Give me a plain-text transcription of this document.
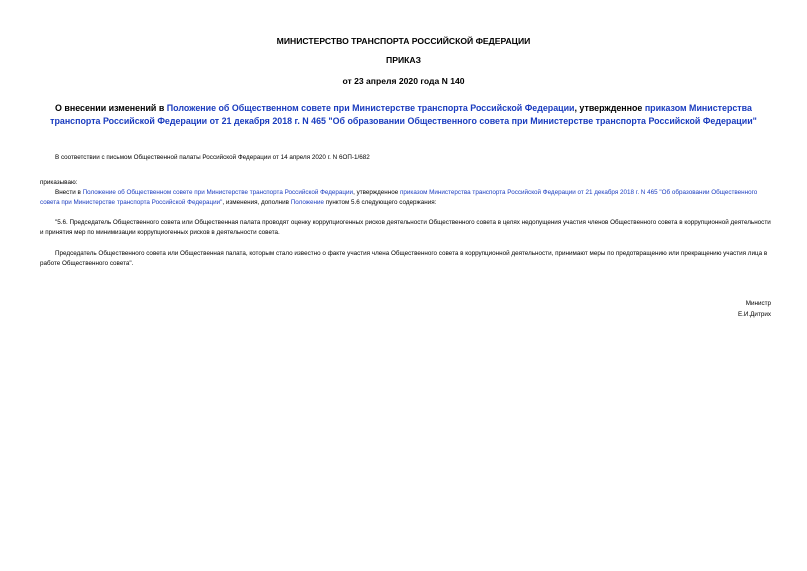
МИНИСТЕРСТВО ТРАНСПОРТА РОССИЙСКОЙ ФЕДЕРАЦИИ
ПРИКАЗ
от 23 апреля 2020 года N 140
О внесении изменений в Положение об Общественном совете при Министерстве транспорта Российской Федерации, утвержденное приказом Министерства транспорта Российской Федерации от 21 декабря 2018 г. N 465 "Об образовании Общественного совета при Министерстве транспорта Российской Федерации"
В соответствии с письмом Общественной палаты Российской Федерации от 14 апреля 2020 г. N 6ОП-1/682
приказываю:
Внести в Положение об Общественном совете при Министерстве транспорта Российской Федерации, утвержденное приказом Министерства транспорта Российской Федерации от 21 декабря 2018 г. N 465 "Об образовании Общественного совета при Министерстве транспорта Российской Федерации", изменения, дополнив Положение пунктом 5.6 следующего содержания:
"5.6. Председатель Общественного совета или Общественная палата проводят оценку коррупциогенных рисков деятельности Общественного совета в целях недопущения участия членов Общественного совета в коррупционной деятельности и принятия мер по минимизации коррупциогенных рисков в деятельности совета.
Председатель Общественного совета или Общественная палата, которым стало известно о факте участия члена Общественного совета в коррупционной деятельности, принимают меры по предотвращению или прекращению участия лица в работе Общественного совета".
Министр
Е.И.Дитрих
